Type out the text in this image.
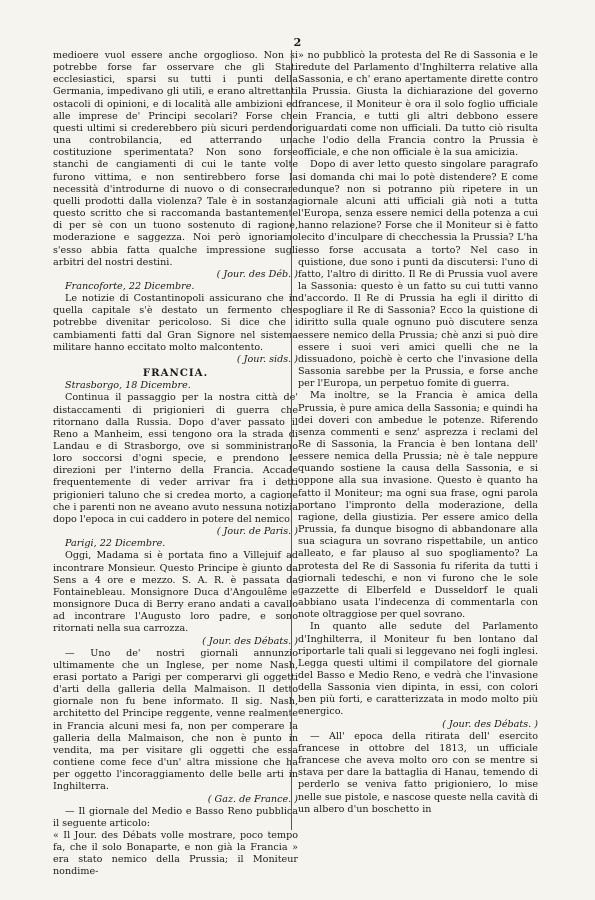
2

medioere vuol essere anche orgoglioso. Non si potrebbe forse far osservare che gli Stati ecclesiastici, sparsi su tutti i punti della Germania, impedivano gli utili, e erano altrettanti ostacoli di opinioni, e di località alle ambizioni ed alle imprese de' Principi secolari? Forse che questi ultimi si crederebbero più sicuri perdendo una controbilancia, ed atterrando una costituzione sperimentata? Non sono forse stanchi de cangiamenti di cui le tante volte furono vittima, e non sentirebbero forse la necessità d'introdurne di nuovo o di consecrare quelli prodotti dalla violenza? Tale è in sostanza questo scritto che si raccomanda bastantemente di per sè con un tuono sostenuto di ragione, moderazione e saggezza. Noi però ignoriamo s'esso abbia fatta qualche impressione sugli arbitri del nostri destini.

( Jour. des Déb. )

Francoforte, 22 Dicembre.

Le notizie di Costantinopoli assicurano che in quella capitale s'è destato un fermento che potrebbe divenitar pericoloso. Si dice che i cambiamenti fatti dal Gran Signore nel sistema militare hanno eccitato molto malcontento.

( Jour. sids. )

FRANCIA.

Strasborgo, 18 Dicembre.

Continua il passaggio per la nostra città de' distaccamenti di prigionieri di guerra che ritornano dalla Russia. Dopo d'aver passato il Reno a Manheim, essi tengono ora la strada di Landau e di Strasborgo, ove si somministrano loro soccorsi d'ogni specie, e prendono le direzioni per l'interno della Francia. Accade frequentemente di veder arrivar fra i detti prigionieri taluno che si credea morto, a cagione che i parenti non ne aveano avuto nessuna notizia dopo l'epoca in cui caddero in potere del nemico.

( Jour. de Paris. )

Parigi, 22 Dicembre.

Oggi, Madama si è portata fino a Villejuif ad incontrare Monsieur. Questo Principe è giunto da Sens a 4 ore e mezzo. S. A. R. è passata da Fontainebleau. Monsignore Duca d'Angoulême e monsignore Duca di Berry erano andati a cavallo ad incontrare l'Augusto loro padre, e sono ritornati nella sua carrozza.

( Jour. des Débats. )

— Uno de' nostri giornali annunzio ultimamente che un Inglese, per nome Nash, erasi portato a Parigi per comperarvi gli oggetti d'arti della galleria della Malmaison. Il detto giornale non fu bene informato. Il sig. Nash, architetto del Principe reggente, venne realmente in Francia alcuni mesi fa, non per comperare la galleria della Malmaison, che non è punto in vendita, ma per visitare gli oggetti che essa contiene come fece d'un' altra missione che ha per oggetto l'incoraggiamento delle belle arti in Inghilterra.

( Gaz. de France. )

— Il giornale del Medio e Basso Reno pubblica il seguente articolo:

« Il Jour. des Débats volle mostrare, poco tempo fa, che il solo Bonaparte, e non già la Francia » era stato nemico della Prussia; il Moniteur nondime-

» no pubblicò la protesta del Re di Sassonia e le redute del Parlamento d'Inghilterra relative alla Sassonia, e ch' erano apertamente dirette contro la Prussia. Giusta la dichiarazione del governo francese, il Moniteur è ora il solo foglio ufficiale in Francia, e tutti gli altri debbono essere riguardati come non ufficiali. Da tutto ciò risulta che l'odio della Francia contro la Prussia è officiale, e che non officiale è la sua amicizia.

Dopo di aver letto questo singolare paragrafo si domanda chi mai lo potè distendere? E come dunque? non si potranno più ripetere in un giornale alcuni atti ufficiali già noti a tutta l'Europa, senza essere nemici della potenza a cui hanno relazione? Forse che il Moniteur si è fatto lecito d'inculpare di checchessia la Prussia? L'ha esso forse accusata a torto? Nel caso in quistione, due sono i punti da discutersi: l'uno di fatto, l'altro di diritto. Il Re di Prussia vuol avere la Sassonia: questo è un fatto su cui tutti vanno d'accordo. Il Re di Prussia ha egli il diritto di spogliare il Re di Sassonia? Ecco la quistione di diritto sulla quale ognuno può discutere senza essere nemico della Prussia; chè anzi si può dire essere i suoi veri amici quelli che ne la dissuadono, poichè è certo che l'invasione della Sassonia sarebbe per la Prussia, e forse anche per l'Europa, un perpetuo fomite di guerra.

Ma inoltre, se la Francia è amica della Prussia, è pure amica della Sassonia; e quindi ha dei doveri con ambedue le potenze. Riferendo senza commenti e senz' asprezza i reclami del Re di Sassonia, la Francia è ben lontana dell' essere nemica della Prussia; nè è tale neppure quando sostiene la causa della Sassonia, e si oppone alla sua invasione. Questo è quanto ha fatto il Moniteur; ma ogni sua frase, ogni parola portano l'impronto della moderazione, della ragione, della giustizia. Per essere amico della Prussia, fa dunque bisogno di abbandonare alla sua sciagura un sovrano rispettabile, un antico alleato, e far plauso al suo spogliamento? La protesta del Re di Sassonia fu riferita da tutti i giornali tedeschi, e non vi furono che le sole gazzette di Elberfeld e Dusseldorf le quali abbiano usata l'indecenza di commentarla con note oltraggiose per quel sovrano.

In quanto alle sedute del Parlamento d'Inghilterra, il Moniteur fu ben lontano dal riportarle tali quali si leggevano nei fogli inglesi. Legga questi ultimi il compilatore del giornale del Basso e Medio Reno, e vedrà che l'invasione della Sassonia vien dipinta, in essi, con colori ben più forti, e caratterizzata in modo molto più energico.

( Jour. des Débats. )

— All' epoca della ritirata dell' esercito francese in ottobre del 1813, un ufficiale francese che aveva molto oro con se mentre si stava per dare la battaglia di Hanau, temendo di perderlo se veniva fatto prigioniero, lo mise nelle sue pistole, e nascose queste nella cavità di un albero d'un boschetto in
